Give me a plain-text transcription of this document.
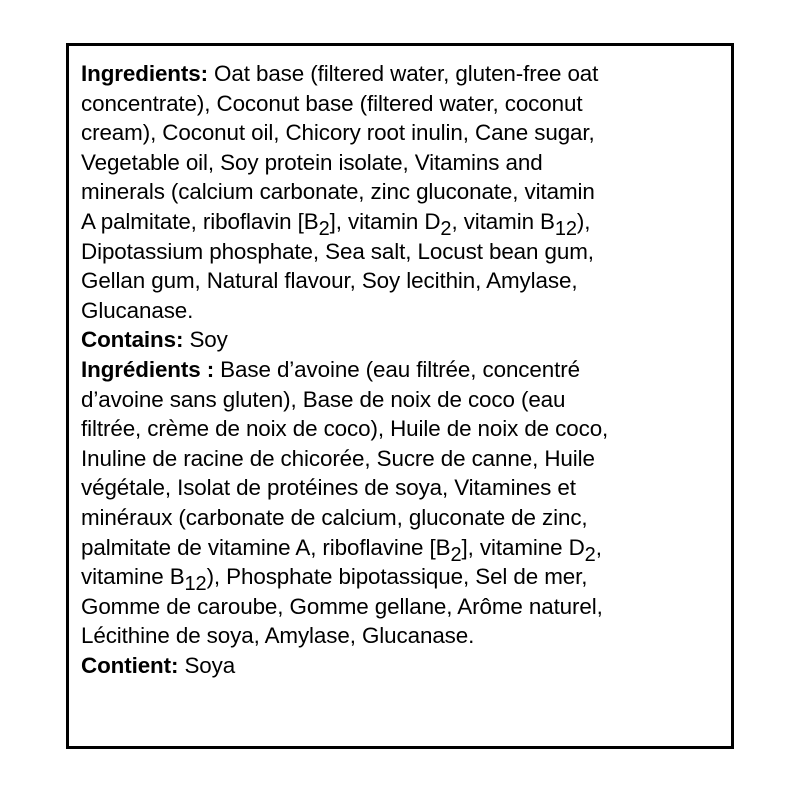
Ingredients: Oat base (filtered water, gluten-free oat
concentrate), Coconut base (filtered water, coconut
cream), Coconut oil, Chicory root inulin, Cane sugar,
Vegetable oil, Soy protein isolate, Vitamins and
minerals (calcium carbonate, zinc gluconate, vitamin
A palmitate, riboflavin [B2], vitamin D2, vitamin B12),
Dipotassium phosphate, Sea salt, Locust bean gum,
Gellan gum, Natural flavour, Soy lecithin, Amylase,
Glucanase.
Contains: Soy
Ingrédients : Base d’avoine (eau filtrée, concentré
d’avoine sans gluten), Base de noix de coco (eau
filtrée, crème de noix de coco), Huile de noix de coco,
Inuline de racine de chicorée, Sucre de canne, Huile
végétale, Isolat de protéines de soya, Vitamines et
minéraux (carbonate de calcium, gluconate de zinc,
palmitate de vitamine A, riboflavine [B2], vitamine D2,
vitamine B12), Phosphate bipotassique, Sel de mer,
Gomme de caroube, Gomme gellane, Arôme naturel,
Lécithine de soya, Amylase, Glucanase.
Contient: Soya
